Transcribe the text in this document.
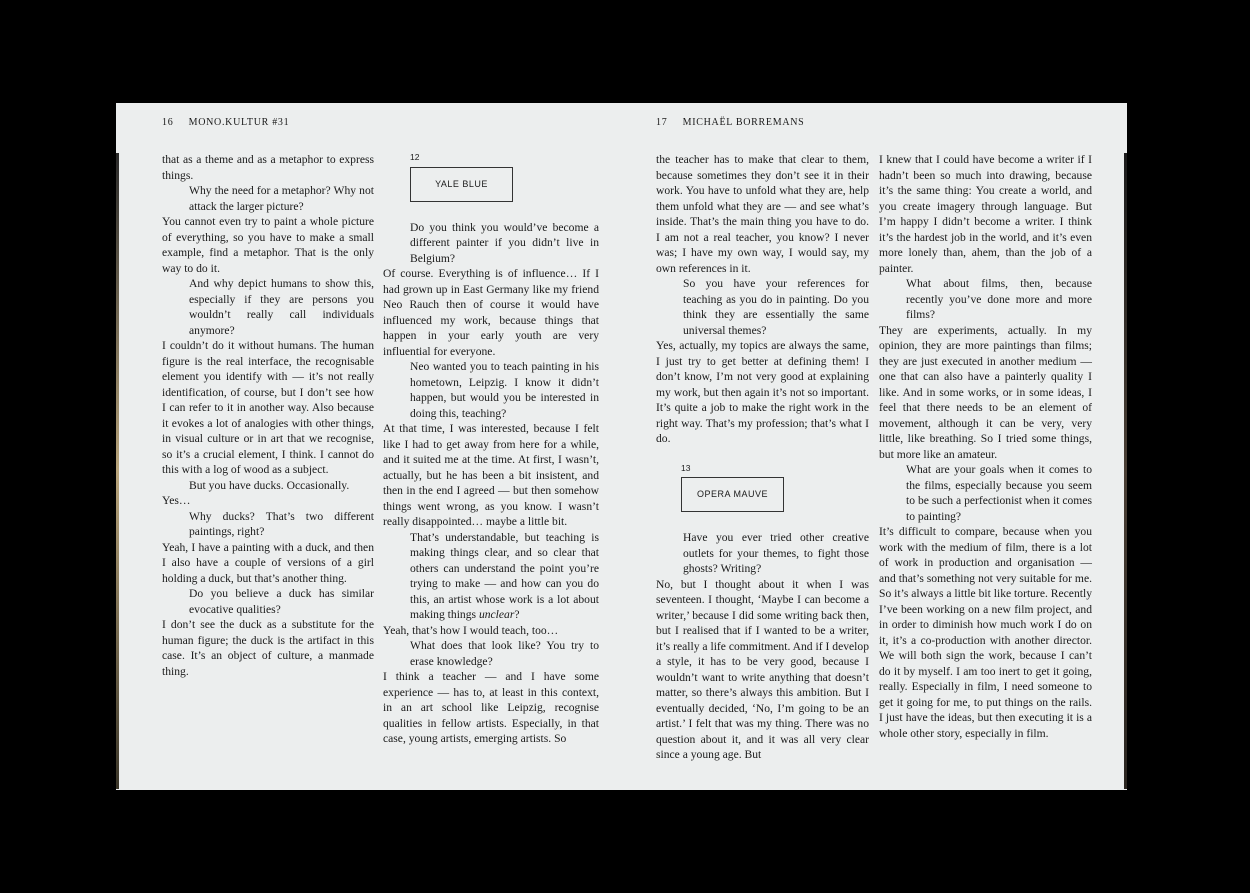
16 MONO.KULTUR #31	17 MICHAËL BORREMANS

that as a theme and as a metaphor to express things.

Why the need for a metaphor? Why not attack the larger picture?

You cannot even try to paint a whole picture of everything, so you have to make a small example, find a metaphor. That is the only way to do it.

And why depict humans to show this, especially if they are persons you wouldn’t really call individuals anymore?

I couldn’t do it without humans. The human figure is the real interface, the recognisable element you identify with — it’s not really identification, of course, but I don’t see how I can refer to it in another way. Also because it evokes a lot of analogies with other things, in visual culture or in art that we recognise, so it’s a crucial element, I think. I cannot do this with a log of wood as a subject.

But you have ducks. Occasionally.

Yes…

Why ducks? That’s two different paintings, right?

Yeah, I have a painting with a duck, and then I also have a couple of versions of a girl holding a duck, but that’s another thing.

Do you believe a duck has similar evocative qualities?

I don’t see the duck as a substitute for the human figure; the duck is the artifact in this case. It’s an object of culture, a manmade thing.

12
YALE BLUE

Do you think you would’ve become a different painter if you didn’t live in Belgium?

Of course. Everything is of influence… If I had grown up in East Germany like my friend Neo Rauch then of course it would have influenced my work, because things that happen in your early youth are very influential for everyone.

Neo wanted you to teach painting in his hometown, Leipzig. I know it didn’t happen, but would you be interested in doing this, teaching?

At that time, I was interested, because I felt like I had to get away from here for a while, and it suited me at the time. At first, I wasn’t, actually, but he has been a bit insistent, and then in the end I agreed — but then somehow things went wrong, as you know. I wasn’t really disappointed… maybe a little bit.

That’s understandable, but teaching is making things clear, and so clear that others can understand the point you’re trying to make — and how can you do this, an artist whose work is a lot about making things unclear?

Yeah, that’s how I would teach, too…

What does that look like? You try to erase knowledge?

I think a teacher — and I have some experience — has to, at least in this context, in an art school like Leipzig, recognise qualities in fellow artists. Especially, in that case, young artists, emerging artists. So

the teacher has to make that clear to them, because sometimes they don’t see it in their work. You have to unfold what they are, help them unfold what they are — and see what’s inside. That’s the main thing you have to do. I am not a real teacher, you know? I never was; I have my own way, I would say, my own references in it.

So you have your references for teaching as you do in painting. Do you think they are essentially the same universal themes?

Yes, actually, my topics are always the same, I just try to get better at defining them! I don’t know, I’m not very good at explaining my work, but then again it’s not so important. It’s quite a job to make the right work in the right way. That’s my profession; that’s what I do.

13
OPERA MAUVE

Have you ever tried other creative outlets for your themes, to fight those ghosts? Writing?

No, but I thought about it when I was seventeen. I thought, ‘Maybe I can become a writer,’ because I did some writing back then, but I realised that if I wanted to be a writer, it’s really a life commitment. And if I develop a style, it has to be very good, because I wouldn’t want to write anything that doesn’t matter, so there’s always this ambition. But I eventually decided, ‘No, I’m going to be an artist.’ I felt that was my thing. There was no question about it, and it was all very clear since a young age. But

I knew that I could have become a writer if I hadn’t been so much into drawing, because it’s the same thing: You create a world, and you create imagery through language. But I’m happy I didn’t become a writer. I think it’s the hardest job in the world, and it’s even more lonely than, ahem, than the job of a painter.

What about films, then, because recently you’ve done more and more films?

They are experiments, actually. In my opinion, they are more paintings than films; they are just executed in another medium — one that can also have a painterly quality I like. And in some works, or in some ideas, I feel that there needs to be an element of movement, although it can be very, very little, like breathing. So I tried some things, but more like an amateur.

What are your goals when it comes to the films, especially because you seem to be such a perfectionist when it comes to painting?

It’s difficult to compare, because when you work with the medium of film, there is a lot of work in production and organisation — and that’s something not very suitable for me. So it’s always a little bit like torture. Recently I’ve been working on a new film project, and in order to diminish how much work I do on it, it’s a co-production with another director. We will both sign the work, because I can’t do it by myself. I am too inert to get it going, really. Especially in film, I need someone to get it going for me, to put things on the rails. I just have the ideas, but then executing it is a whole other story, especially in film.
